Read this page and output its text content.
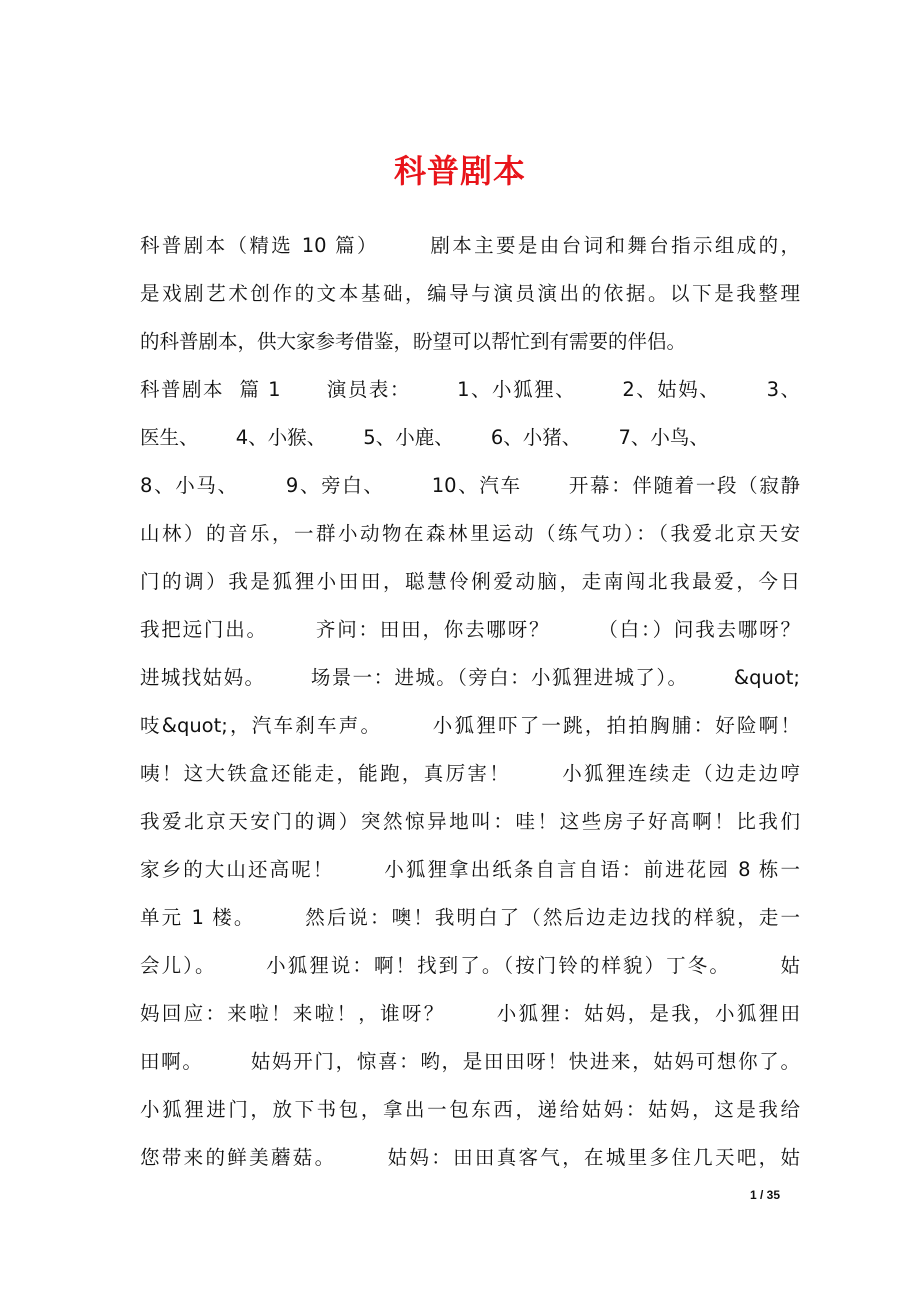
科普剧本
科普剧本（精选 10 篇）      剧本主要是由台词和舞台指示组成的，
是戏剧艺术创作的文本基础，编导与演员演出的依据。以下是我整理
的科普剧本，供大家参考借鉴，盼望可以帮忙到有需要的伴侣。
科普剧本  篇 1      演员表：      1、小狐狸、      2、姑妈、      3、
医生、      4、小猴、      5、小鹿、      6、小猪、      7、小鸟、
8、小马、      9、旁白、      10、汽车      开幕：伴随着一段（寂静
山林）的音乐，一群小动物在森林里运动（练气功）：（我爱北京天安
门的调）我是狐狸小田田，聪慧伶俐爱动脑，走南闯北我最爱，今日
我把远门出。      齐问：田田，你去哪呀？      （白：）问我去哪呀？
进城找姑妈。      场景一：进城。（旁白：小狐狸进城了）。      &quot;
吱&quot;，汽车刹车声。      小狐狸吓了一跳，拍拍胸脯：好险啊！
咦！这大铁盒还能走，能跑，真厉害！      小狐狸连续走（边走边哼
我爱北京天安门的调）突然惊异地叫：哇！这些房子好高啊！比我们
家乡的大山还高呢！      小狐狸拿出纸条自言自语：前进花园 8 栋一
单元 1 楼。      然后说：噢！我明白了（然后边走边找的样貌，走一
会儿）。      小狐狸说：啊！找到了。（按门铃的样貌）丁冬。      姑
妈回应：来啦！来啦！，谁呀？      小狐狸：姑妈，是我，小狐狸田
田啊。      姑妈开门，惊喜：哟，是田田呀！快进来，姑妈可想你了。
小狐狸进门，放下书包，拿出一包东西，递给姑妈：姑妈，这是我给
您带来的鲜美蘑菇。      姑妈：田田真客气，在城里多住几天吧，姑
1 / 35
